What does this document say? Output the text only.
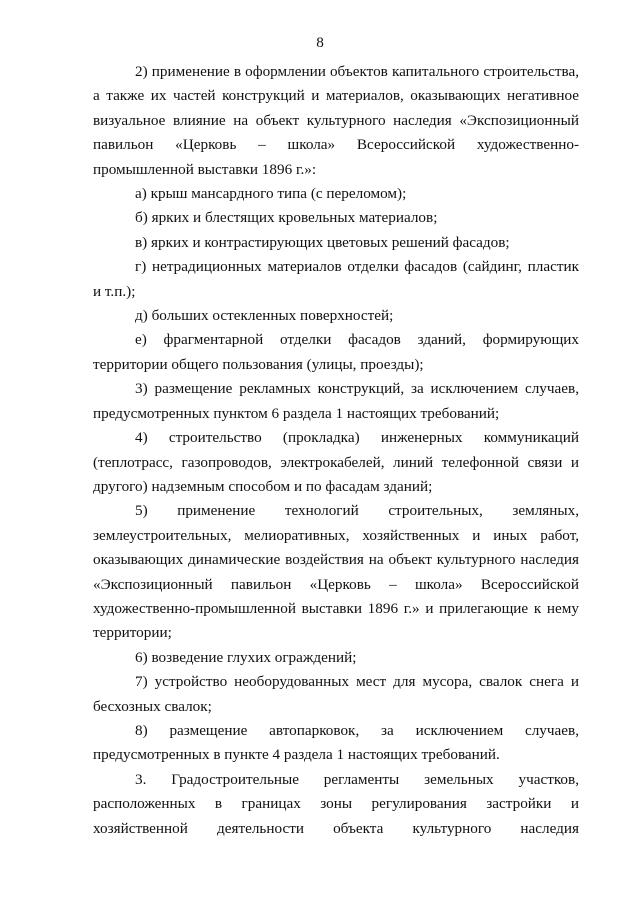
8

2) применение в оформлении объектов капитального строительства, а также их частей конструкций и материалов, оказывающих негативное визуальное влияние на объект культурного наследия «Экспозиционный павильон «Церковь – школа» Всероссийской художественно-промышленной выставки 1896 г.»:

а) крыш мансардного типа (с переломом);

б) ярких и блестящих кровельных материалов;

в) ярких и контрастирующих цветовых решений фасадов;

г) нетрадиционных материалов отделки фасадов (сайдинг, пластик и т.п.);

д) больших остекленных поверхностей;

е) фрагментарной отделки фасадов зданий, формирующих территории общего пользования (улицы, проезды);

3) размещение рекламных конструкций, за исключением случаев, предусмотренных пунктом 6 раздела 1 настоящих требований;

4) строительство (прокладка) инженерных коммуникаций (теплотрасс, газопроводов, электрокабелей, линий телефонной связи и другого) надземным способом и по фасадам зданий;

5) применение технологий строительных, земляных, землеустроительных, мелиоративных, хозяйственных и иных работ, оказывающих динамические воздействия на объект культурного наследия «Экспозиционный павильон «Церковь – школа» Всероссийской художественно-промышленной выставки 1896 г.» и прилегающие к нему территории;

6) возведение глухих ограждений;

7) устройство необорудованных мест для мусора, свалок снега и бесхозных свалок;

8) размещение автопарковок, за исключением случаев, предусмотренных в пункте 4 раздела 1 настоящих требований.

3. Градостроительные регламенты земельных участков, расположенных в границах зоны регулирования застройки и хозяйственной деятельности объекта культурного наследия
